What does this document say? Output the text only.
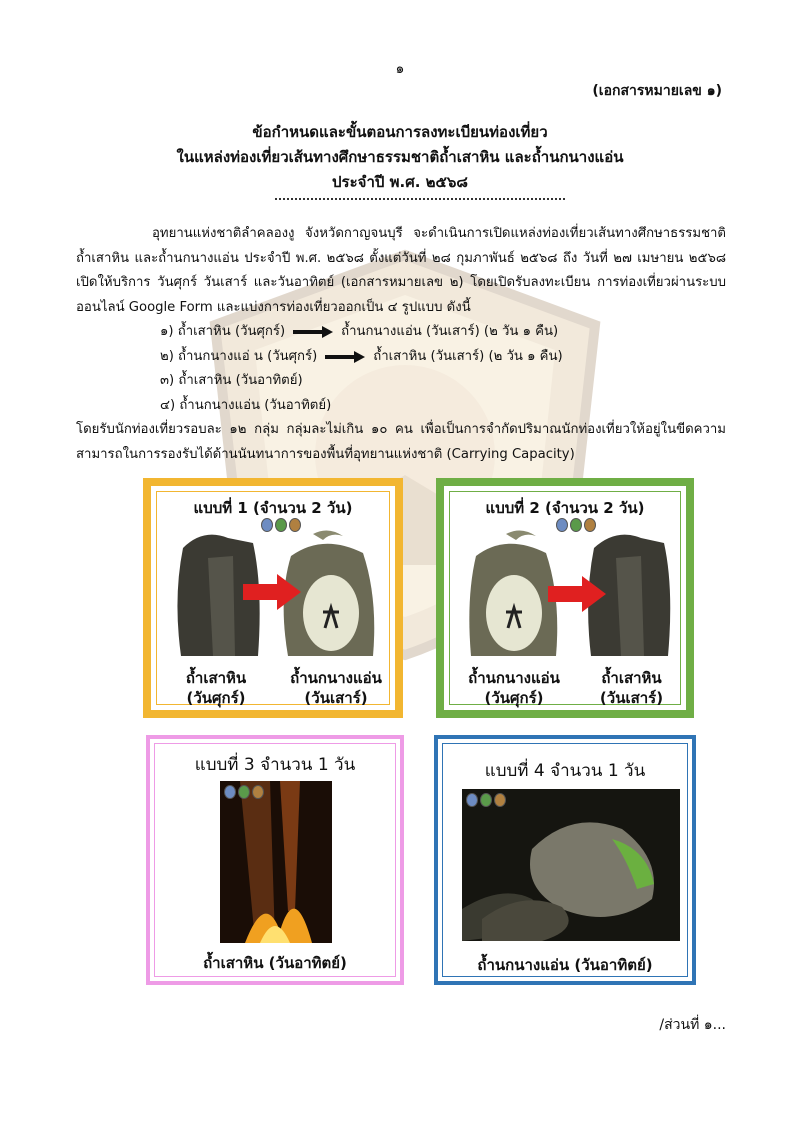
๑
(เอกสารหมายเลข ๑)
ข้อกำหนดและขั้นตอนการลงทะเบียนท่องเที่ยว
ในแหล่งท่องเที่ยวเส้นทางศึกษาธรรมชาติถ้ำเสาหิน และถ้ำนกนางแอ่น
ประจำปี พ.ศ. ๒๕๖๘

อุทยานแห่งชาติลำคลองงู จังหวัดกาญจนบุรี จะดำเนินการเปิดแหล่งท่องเที่ยวเส้นทางศึกษาธรรมชาติ ถ้ำเสาหิน และถ้ำนกนางแอ่น ประจำปี พ.ศ. ๒๕๖๘ ตั้งแต่วันที่ ๒๘ กุมภาพันธ์ ๒๕๖๘ ถึง วันที่ ๒๗ เมษายน ๒๕๖๘ เปิดให้บริการ วันศุกร์ วันเสาร์ และวันอาทิตย์ (เอกสารหมายเลข ๒) โดยเปิดรับลงทะเบียน การท่องเที่ยวผ่านระบบออนไลน์ Google Form และแบ่งการท่องเที่ยวออกเป็น ๔ รูปแบบ ดังนี้

๑) ถ้ำเสาหิน (วันศุกร์)	ถ้ำนกนางแอ่น (วันเสาร์) (๒ วัน ๑ คืน)
๒) ถ้ำนกนางแอ่ น (วันศุกร์)	ถ้ำเสาหิน (วันเสาร์) (๒ วัน ๑ คืน)
๓) ถ้ำเสาหิน (วันอาทิตย์)
๔) ถ้ำนกนางแอ่น (วันอาทิตย์)
โดยรับนักท่องเที่ยวรอบละ ๑๒ กลุ่ม กลุ่มละไม่เกิน ๑๐ คน เพื่อเป็นการจำกัดปริมาณนักท่องเที่ยวให้อยู่ในขีดความสามารถในการรองรับได้ด้านนันทนาการของพื้นที่อุทยานแห่งชาติ (Carrying Capacity)
แบบที่ 1 (จำนวน 2 วัน)
ถ้ำเสาหิน
(วันศุกร์)
ถ้ำนกนางแอ่น
(วันเสาร์)
แบบที่ 2 (จำนวน 2 วัน)
ถ้ำนกนางแอ่น
(วันศุกร์)
ถ้ำเสาหิน
(วันเสาร์)
แบบที่ 3 จำนวน 1 วัน
ถ้ำเสาหิน (วันอาทิตย์)
แบบที่ 4 จำนวน 1 วัน
ถ้ำนกนางแอ่น (วันอาทิตย์)
/ส่วนที่ ๑...
